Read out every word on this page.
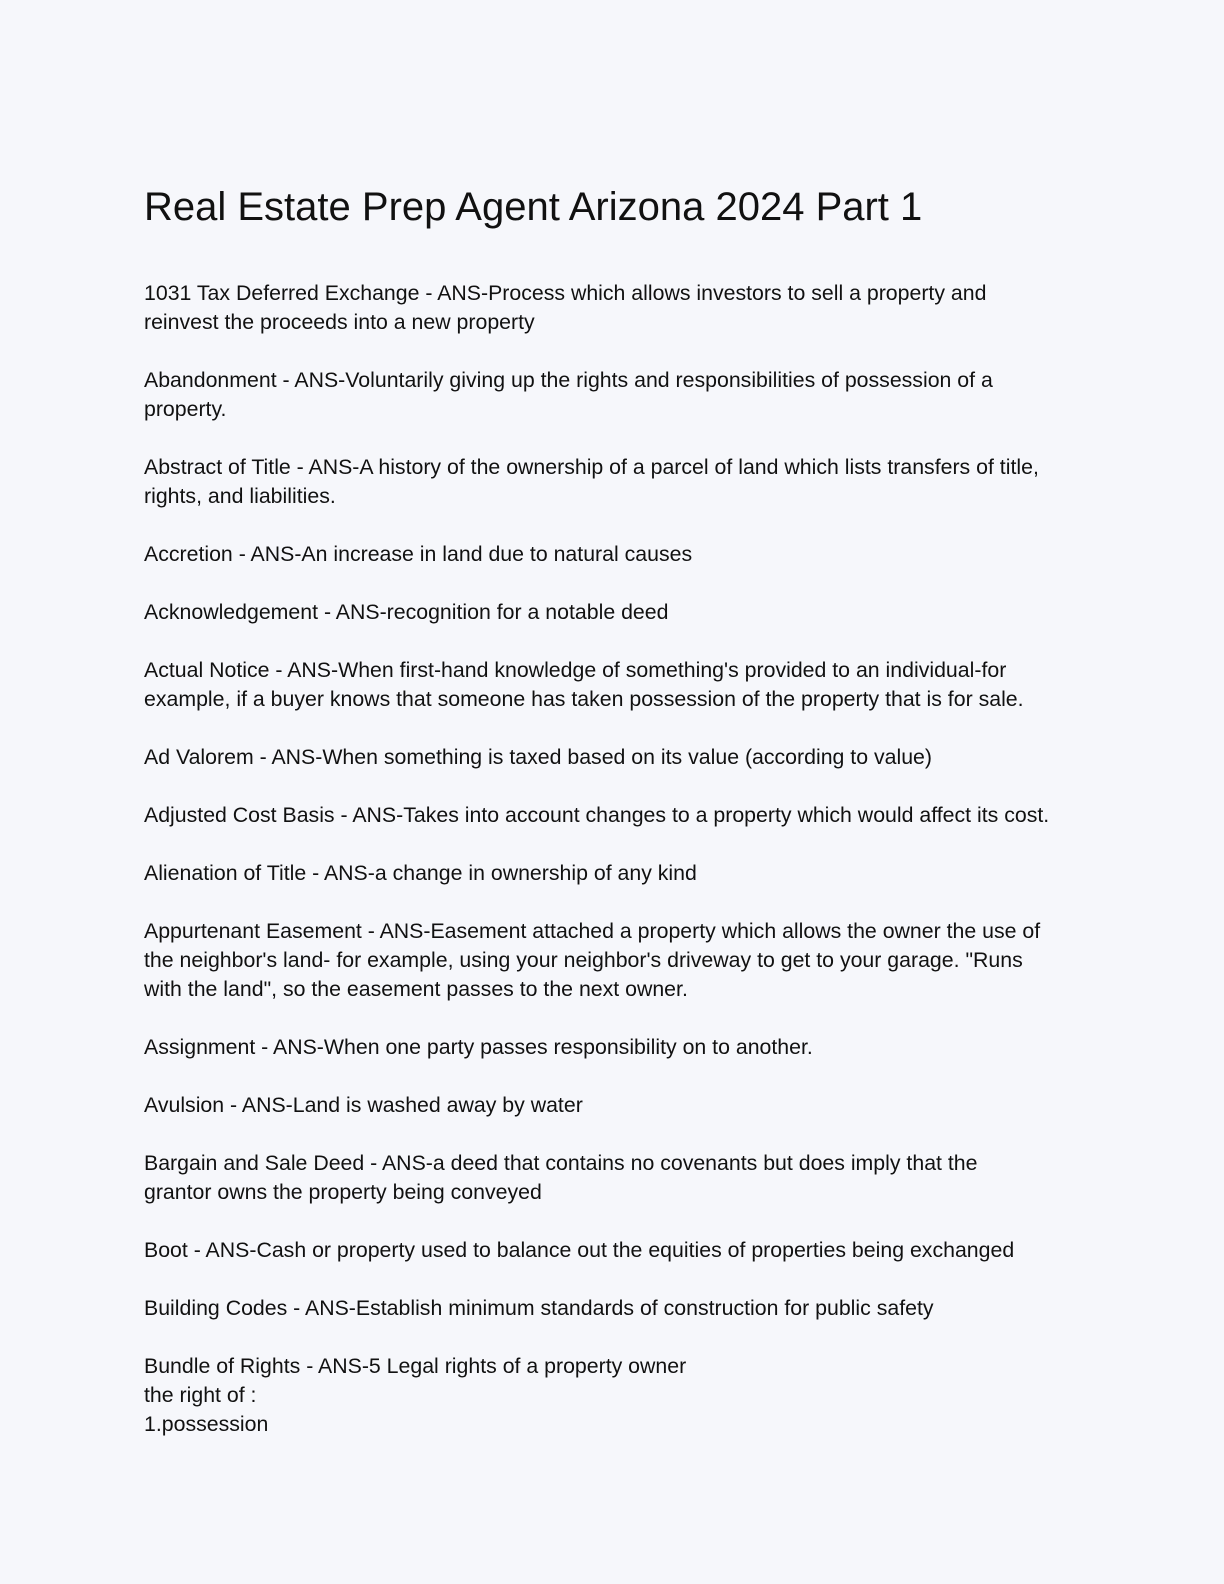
Real Estate Prep Agent Arizona 2024 Part 1
1031 Tax Deferred Exchange - ANS-Process which allows investors to sell a property and
reinvest the proceeds into a new property
Abandonment - ANS-Voluntarily giving up the rights and responsibilities of possession of a
property.
Abstract of Title - ANS-A history of the ownership of a parcel of land which lists transfers of title,
rights, and liabilities.
Accretion - ANS-An increase in land due to natural causes
Acknowledgement - ANS-recognition for a notable deed
Actual Notice - ANS-When first-hand knowledge of something's provided to an individual-for
example, if a buyer knows that someone has taken possession of the property that is for sale.
Ad Valorem - ANS-When something is taxed based on its value (according to value)
Adjusted Cost Basis - ANS-Takes into account changes to a property which would affect its cost.
Alienation of Title - ANS-a change in ownership of any kind
Appurtenant Easement - ANS-Easement attached a property which allows the owner the use of
the neighbor's land- for example, using your neighbor's driveway to get to your garage. "Runs
with the land", so the easement passes to the next owner.
Assignment - ANS-When one party passes responsibility on to another.
Avulsion - ANS-Land is washed away by water
Bargain and Sale Deed - ANS-a deed that contains no covenants but does imply that the
grantor owns the property being conveyed
Boot - ANS-Cash or property used to balance out the equities of properties being exchanged
Building Codes - ANS-Establish minimum standards of construction for public safety
Bundle of Rights - ANS-5 Legal rights of a property owner
the right of :
1.possession
